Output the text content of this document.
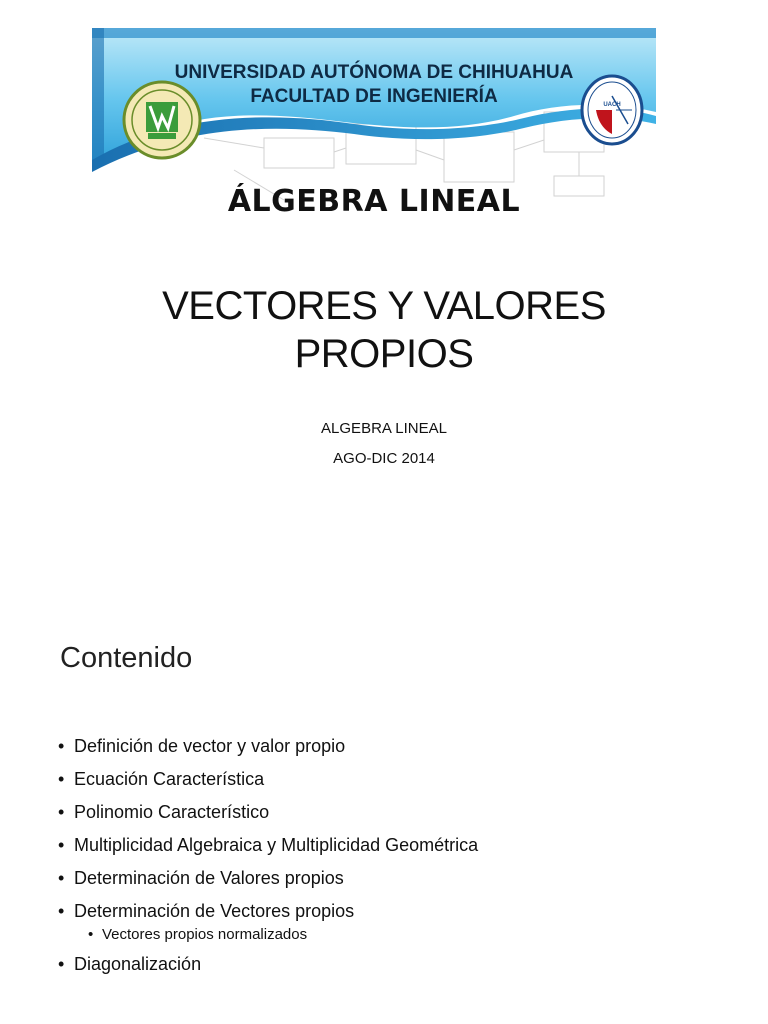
UACH
UNIVERSIDAD AUTÓNOMA DE CHIHUAHUA
FACULTAD DE INGENIERÍA
ÁLGEBRA LINEAL
VECTORES Y VALORES
PROPIOS
ALGEBRA LINEAL
AGO-DIC 2014
Contenido
• Definición de vector y valor propio
• Ecuación Característica
• Polinomio Característico
• Multiplicidad Algebraica y Multiplicidad Geométrica
• Determinación de Valores propios
• Determinación de Vectores propios
• Vectores propios normalizados
• Diagonalización
